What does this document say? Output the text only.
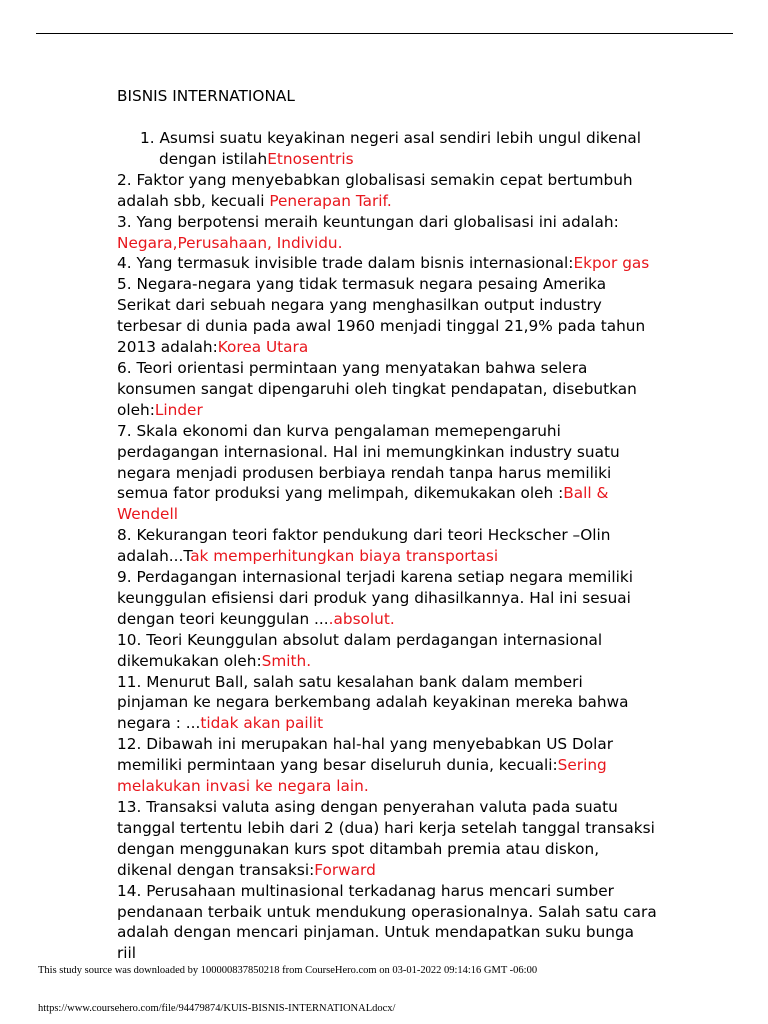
BISNIS INTERNATIONAL
1. Asumsi suatu keyakinan negeri asal sendiri lebih ungul dikenal dengan istilahEtnosentris
2. Faktor yang menyebabkan globalisasi semakin cepat bertumbuh adalah sbb, kecuali Penerapan Tarif.
3. Yang berpotensi meraih keuntungan dari globalisasi ini adalah: Negara,Perusahaan, Individu.
4. Yang termasuk invisible trade dalam bisnis internasional:Ekpor gas
5. Negara-negara yang tidak termasuk negara pesaing Amerika Serikat dari sebuah negara yang menghasilkan output industry terbesar di dunia pada awal 1960 menjadi tinggal 21,9% pada tahun 2013 adalah:Korea Utara
6. Teori orientasi permintaan yang menyatakan bahwa selera konsumen sangat dipengaruhi oleh tingkat pendapatan, disebutkan oleh:Linder
7. Skala ekonomi dan kurva pengalaman memepengaruhi perdagangan internasional. Hal ini memungkinkan industry suatu negara menjadi produsen berbiaya rendah tanpa harus memiliki semua fator produksi yang melimpah, dikemukakan oleh :Ball & Wendell
8. Kekurangan teori faktor pendukung dari teori Heckscher –Olin adalah...Tak memperhitungkan biaya transportasi
9. Perdagangan internasional terjadi karena setiap negara memiliki keunggulan efisiensi dari produk yang dihasilkannya. Hal ini sesuai dengan teori keunggulan ....absolut.
10. Teori Keunggulan absolut dalam perdagangan internasional dikemukakan oleh:Smith.
11. Menurut Ball, salah satu kesalahan bank dalam memberi pinjaman ke negara berkembang adalah keyakinan mereka bahwa negara : ...tidak akan pailit
12. Dibawah ini merupakan hal-hal yang menyebabkan US Dolar memiliki permintaan yang besar diseluruh dunia, kecuali:Sering melakukan invasi ke negara lain.
13. Transaksi valuta asing dengan penyerahan valuta pada suatu tanggal tertentu lebih dari 2 (dua) hari kerja setelah tanggal transaksi dengan menggunakan kurs spot ditambah premia atau diskon, dikenal dengan transaksi:Forward
14. Perusahaan multinasional terkadanag harus mencari sumber pendanaan terbaik untuk mendukung operasionalnya. Salah satu cara adalah dengan mencari pinjaman. Untuk mendapatkan suku bunga riil
This study source was downloaded by 100000837850218 from CourseHero.com on 03-01-2022 09:14:16 GMT -06:00
https://www.coursehero.com/file/94479874/KUIS-BISNIS-INTERNATIONALdocx/
